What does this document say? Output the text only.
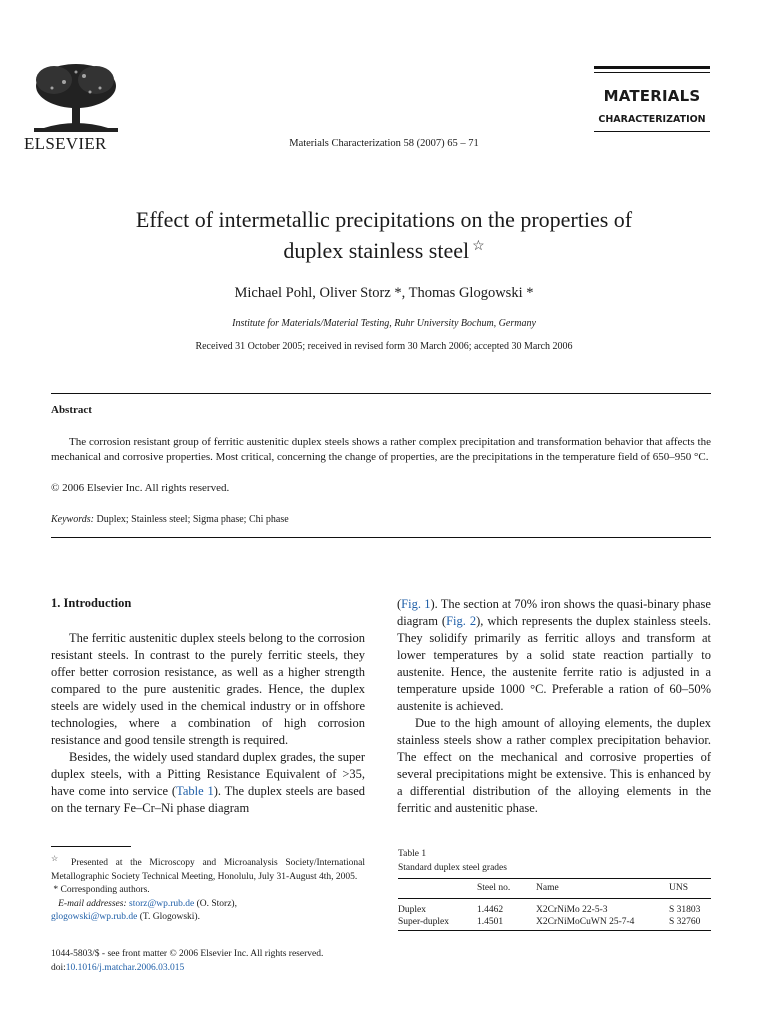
ELSEVIER	Materials Characterization 58 (2007) 65 – 71
MATERIALS
CHARACTERIZATION
Effect of intermetallic precipitations on the properties of
duplex stainless steel ☆
Michael Pohl, Oliver Storz *, Thomas Glogowski *
Institute for Materials/Material Testing, Ruhr University Bochum, Germany
Received 31 October 2005; received in revised form 30 March 2006; accepted 30 March 2006
Abstract
The corrosion resistant group of ferritic austenitic duplex steels shows a rather complex precipitation and transformation behavior that affects the mechanical and corrosive properties. Most critical, concerning the change of properties, are the precipitations in the temperature field of 650–950 °C.
© 2006 Elsevier Inc. All rights reserved.
Keywords: Duplex; Stainless steel; Sigma phase; Chi phase
1. Introduction

The ferritic austenitic duplex steels belong to the corrosion resistant steels. In contrast to the purely ferritic steels, they offer better corrosion resistance, as well as a higher strength compared to the pure austenitic grades. Hence, the duplex steels are widely used in the chemical industry or in offshore technologies, where a combination of high corrosion resistance and good tensile strength is required.

Besides, the widely used standard duplex grades, the super duplex steels, with a Pitting Resistance Equivalent of >35, have come into service (Table 1). The duplex steels are based on the ternary Fe–Cr–Ni phase diagram

(Fig. 1). The section at 70% iron shows the quasi-binary phase diagram (Fig. 2), which represents the duplex stainless steels. They solidify primarily as ferritic alloys and transform at lower temperatures by a solid state reaction partially to austenite. Hence, the austenite ferrite ratio is adjusted in a temperature upside 1000 °C. Preferable a ration of 60–50% austenite is achieved.

Due to the high amount of alloying elements, the duplex stainless steels show a rather complex precipitation behavior. The effect on the mechanical and corrosive properties of several precipitations might be extensive. This is enhanced by a differential distribution of the alloying elements in the ferritic and austenitic phase.

☆ Presented at the Microscopy and Microanalysis Society/International Metallographic Society Technical Meeting, Honolulu, July 31-August 4th, 2005.
* Corresponding authors.
E-mail addresses: storz@wp.rub.de (O. Storz),
glogowski@wp.rub.de (T. Glogowski).
1044-5803/$ - see front matter © 2006 Elsevier Inc. All rights reserved.
doi:10.1016/j.matchar.2006.03.015
Table 1
Standard duplex steel grades
	Steel no.	Name	UNS
Duplex	1.4462	X2CrNiMo 22-5-3	S 31803
Super-duplex	1.4501	X2CrNiMoCuWN 25-7-4	S 32760
